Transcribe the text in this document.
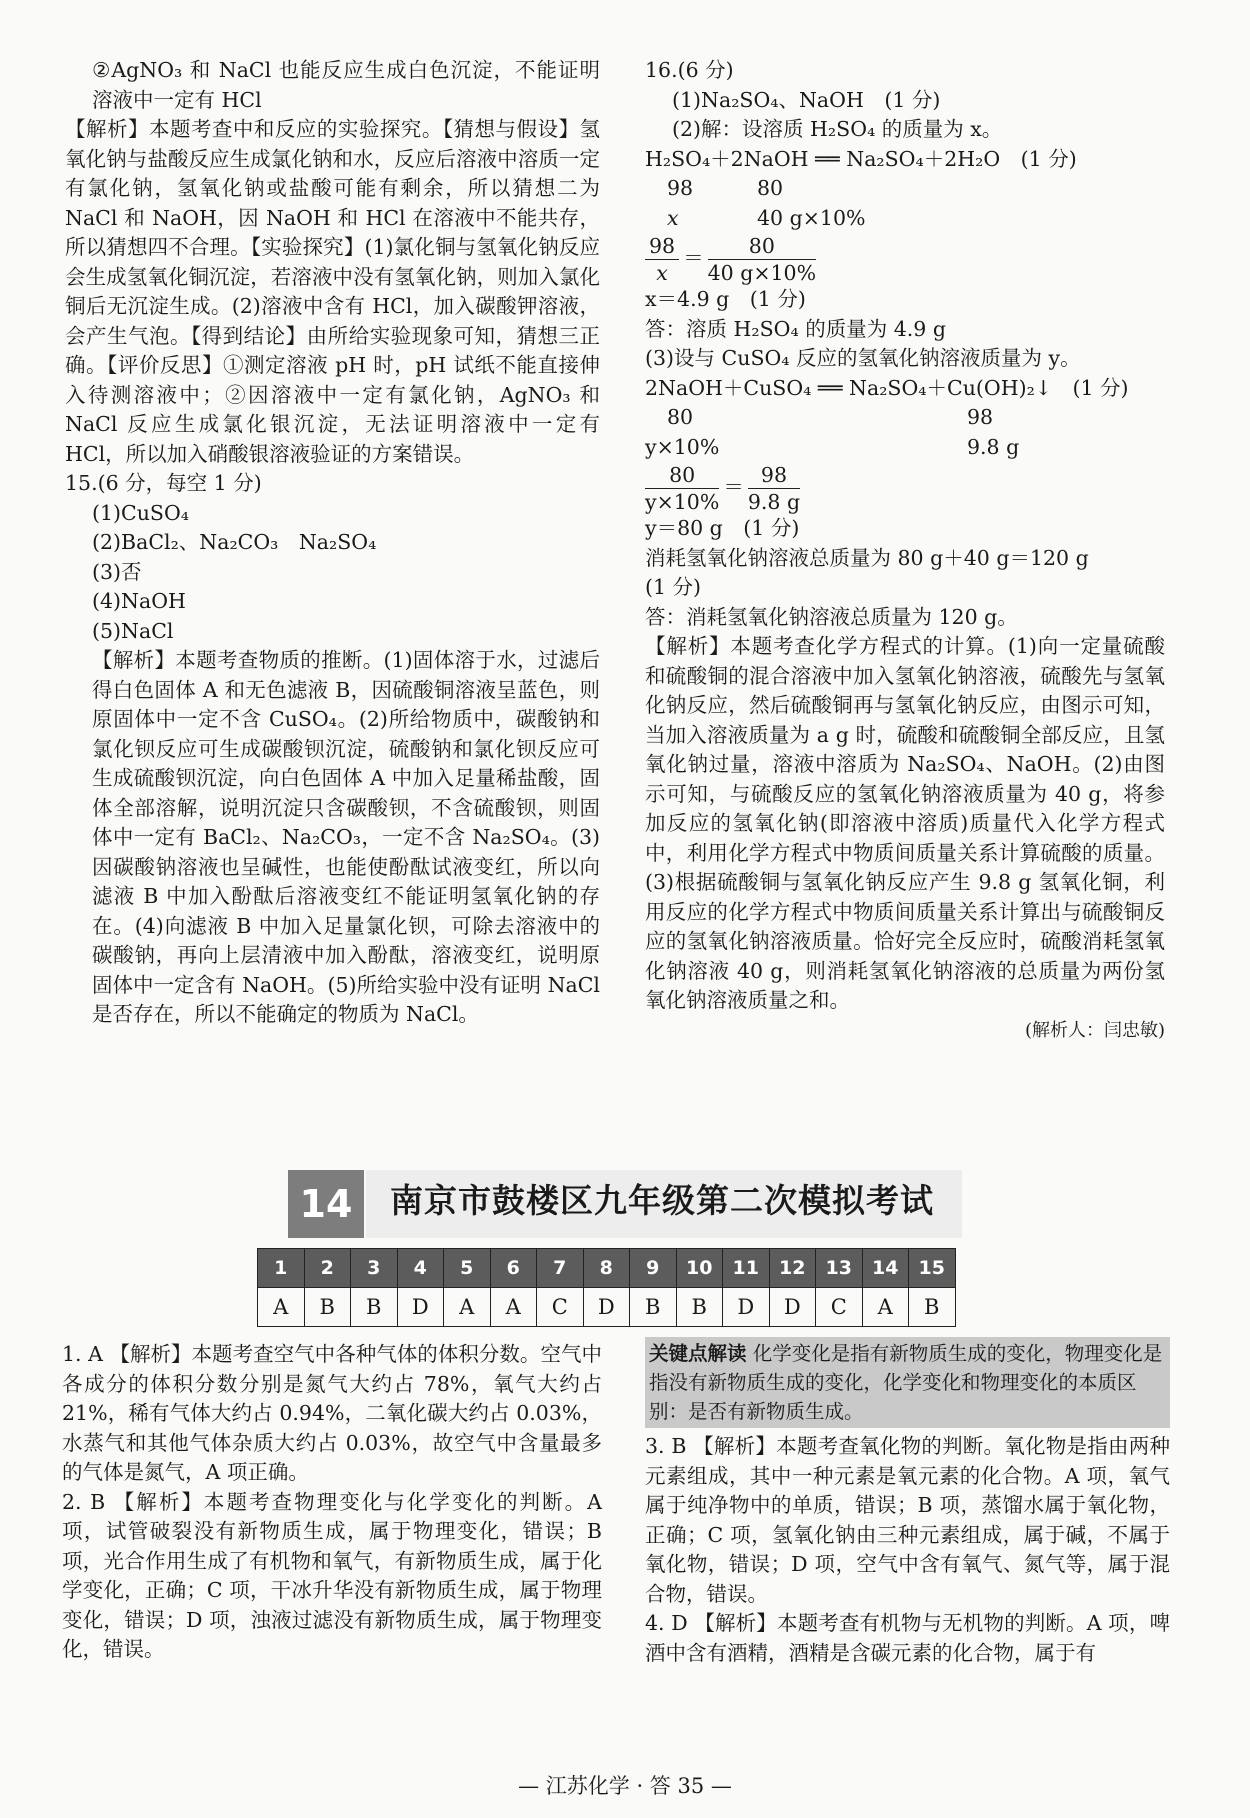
②AgNO₃ 和 NaCl 也能反应生成白色沉淀，不能证明溶液中一定有 HCl

【解析】本题考查中和反应的实验探究。【猜想与假设】氢氧化钠与盐酸反应生成氯化钠和水，反应后溶液中溶质一定有氯化钠，氢氧化钠或盐酸可能有剩余，所以猜想二为 NaCl 和 NaOH，因 NaOH 和 HCl 在溶液中不能共存，所以猜想四不合理。【实验探究】(1)氯化铜与氢氧化钠反应会生成氢氧化铜沉淀，若溶液中没有氢氧化钠，则加入氯化铜后无沉淀生成。(2)溶液中含有 HCl，加入碳酸钾溶液，会产生气泡。【得到结论】由所给实验现象可知，猜想三正确。【评价反思】①测定溶液 pH 时，pH 试纸不能直接伸入待测溶液中；②因溶液中一定有氯化钠，AgNO₃ 和 NaCl 反应生成氯化银沉淀，无法证明溶液中一定有 HCl，所以加入硝酸银溶液验证的方案错误。

15.(6 分，每空 1 分)

(1)CuSO₄

(2)BaCl₂、Na₂CO₃　Na₂SO₄

(3)否

(4)NaOH

(5)NaCl

【解析】本题考查物质的推断。(1)固体溶于水，过滤后得白色固体 A 和无色滤液 B，因硫酸铜溶液呈蓝色，则原固体中一定不含 CuSO₄。(2)所给物质中，碳酸钠和氯化钡反应可生成碳酸钡沉淀，硫酸钠和氯化钡反应可生成硫酸钡沉淀，向白色固体 A 中加入足量稀盐酸，固体全部溶解，说明沉淀只含碳酸钡，不含硫酸钡，则固体中一定有 BaCl₂、Na₂CO₃，一定不含 Na₂SO₄。(3)因碳酸钠溶液也呈碱性，也能使酚酞试液变红，所以向滤液 B 中加入酚酞后溶液变红不能证明氢氧化钠的存在。(4)向滤液 B 中加入足量氯化钡，可除去溶液中的碳酸钠，再向上层清液中加入酚酞，溶液变红，说明原固体中一定含有 NaOH。(5)所给实验中没有证明 NaCl 是否存在，所以不能确定的物质为 NaCl。

16.(6 分)

(1)Na₂SO₄、NaOH　(1 分)

(2)解：设溶质 H₂SO₄ 的质量为 x。

H₂SO₄＋2NaOH ══ Na₂SO₄＋2H₂O　(1 分)

98	80

x	40 g×10%

$\frac{98}{x} = \frac{80}{40 g\times 10\%}$

x＝4.9 g　(1 分)

答：溶质 H₂SO₄ 的质量为 4.9 g

(3)设与 CuSO₄ 反应的氢氧化钠溶液质量为 y。

2NaOH＋CuSO₄ ══ Na₂SO₄＋Cu(OH)₂↓　(1 分)

80	98

y×10%	9.8 g

$\frac{80}{y\times 10\%} = \frac{98}{9.8 g}$

y＝80 g　(1 分)

消耗氢氧化钠溶液总质量为 80 g＋40 g＝120 g

(1 分)

答：消耗氢氧化钠溶液总质量为 120 g。

【解析】本题考查化学方程式的计算。(1)向一定量硫酸和硫酸铜的混合溶液中加入氢氧化钠溶液，硫酸先与氢氧化钠反应，然后硫酸铜再与氢氧化钠反应，由图示可知，当加入溶液质量为 a g 时，硫酸和硫酸铜全部反应，且氢氧化钠过量，溶液中溶质为 Na₂SO₄、NaOH。(2)由图示可知，与硫酸反应的氢氧化钠溶液质量为 40 g，将参加反应的氢氧化钠(即溶液中溶质)质量代入化学方程式中，利用化学方程式中物质间质量关系计算硫酸的质量。(3)根据硫酸铜与氢氧化钠反应产生 9.8 g 氢氧化铜，利用反应的化学方程式中物质间质量关系计算出与硫酸铜反应的氢氧化钠溶液质量。恰好完全反应时，硫酸消耗氢氧化钠溶液 40 g，则消耗氢氧化钠溶液的总质量为两份氢氧化钠溶液质量之和。

(解析人：闫忠敏)

14	南京市鼓楼区九年级第二次模拟考试
1	2	3	4	5	6	7	8	9	10	11	12	13	14	15
A	B	B	D	A	A	C	D	B	B	D	D	C	A	B

1. A 【解析】本题考查空气中各种气体的体积分数。空气中各成分的体积分数分别是氮气大约占 78%，氧气大约占 21%，稀有气体大约占 0.94%，二氧化碳大约占 0.03%，水蒸气和其他气体杂质大约占 0.03%，故空气中含量最多的气体是氮气，A 项正确。

2. B 【解析】本题考查物理变化与化学变化的判断。A 项，试管破裂没有新物质生成，属于物理变化，错误；B 项，光合作用生成了有机物和氧气，有新物质生成，属于化学变化，正确；C 项，干冰升华没有新物质生成，属于物理变化，错误；D 项，浊液过滤没有新物质生成，属于物理变化，错误。

关键点解读 化学变化是指有新物质生成的变化，物理变化是指没有新物质生成的变化，化学变化和物理变化的本质区别：是否有新物质生成。

3. B 【解析】本题考查氧化物的判断。氧化物是指由两种元素组成，其中一种元素是氧元素的化合物。A 项，氧气属于纯净物中的单质，错误；B 项，蒸馏水属于氧化物，正确；C 项，氢氧化钠由三种元素组成，属于碱，不属于氧化物，错误；D 项，空气中含有氧气、氮气等，属于混合物，错误。

4. D 【解析】本题考查有机物与无机物的判断。A 项，啤酒中含有酒精，酒精是含碳元素的化合物，属于有

— 江苏化学 · 答 35 —
